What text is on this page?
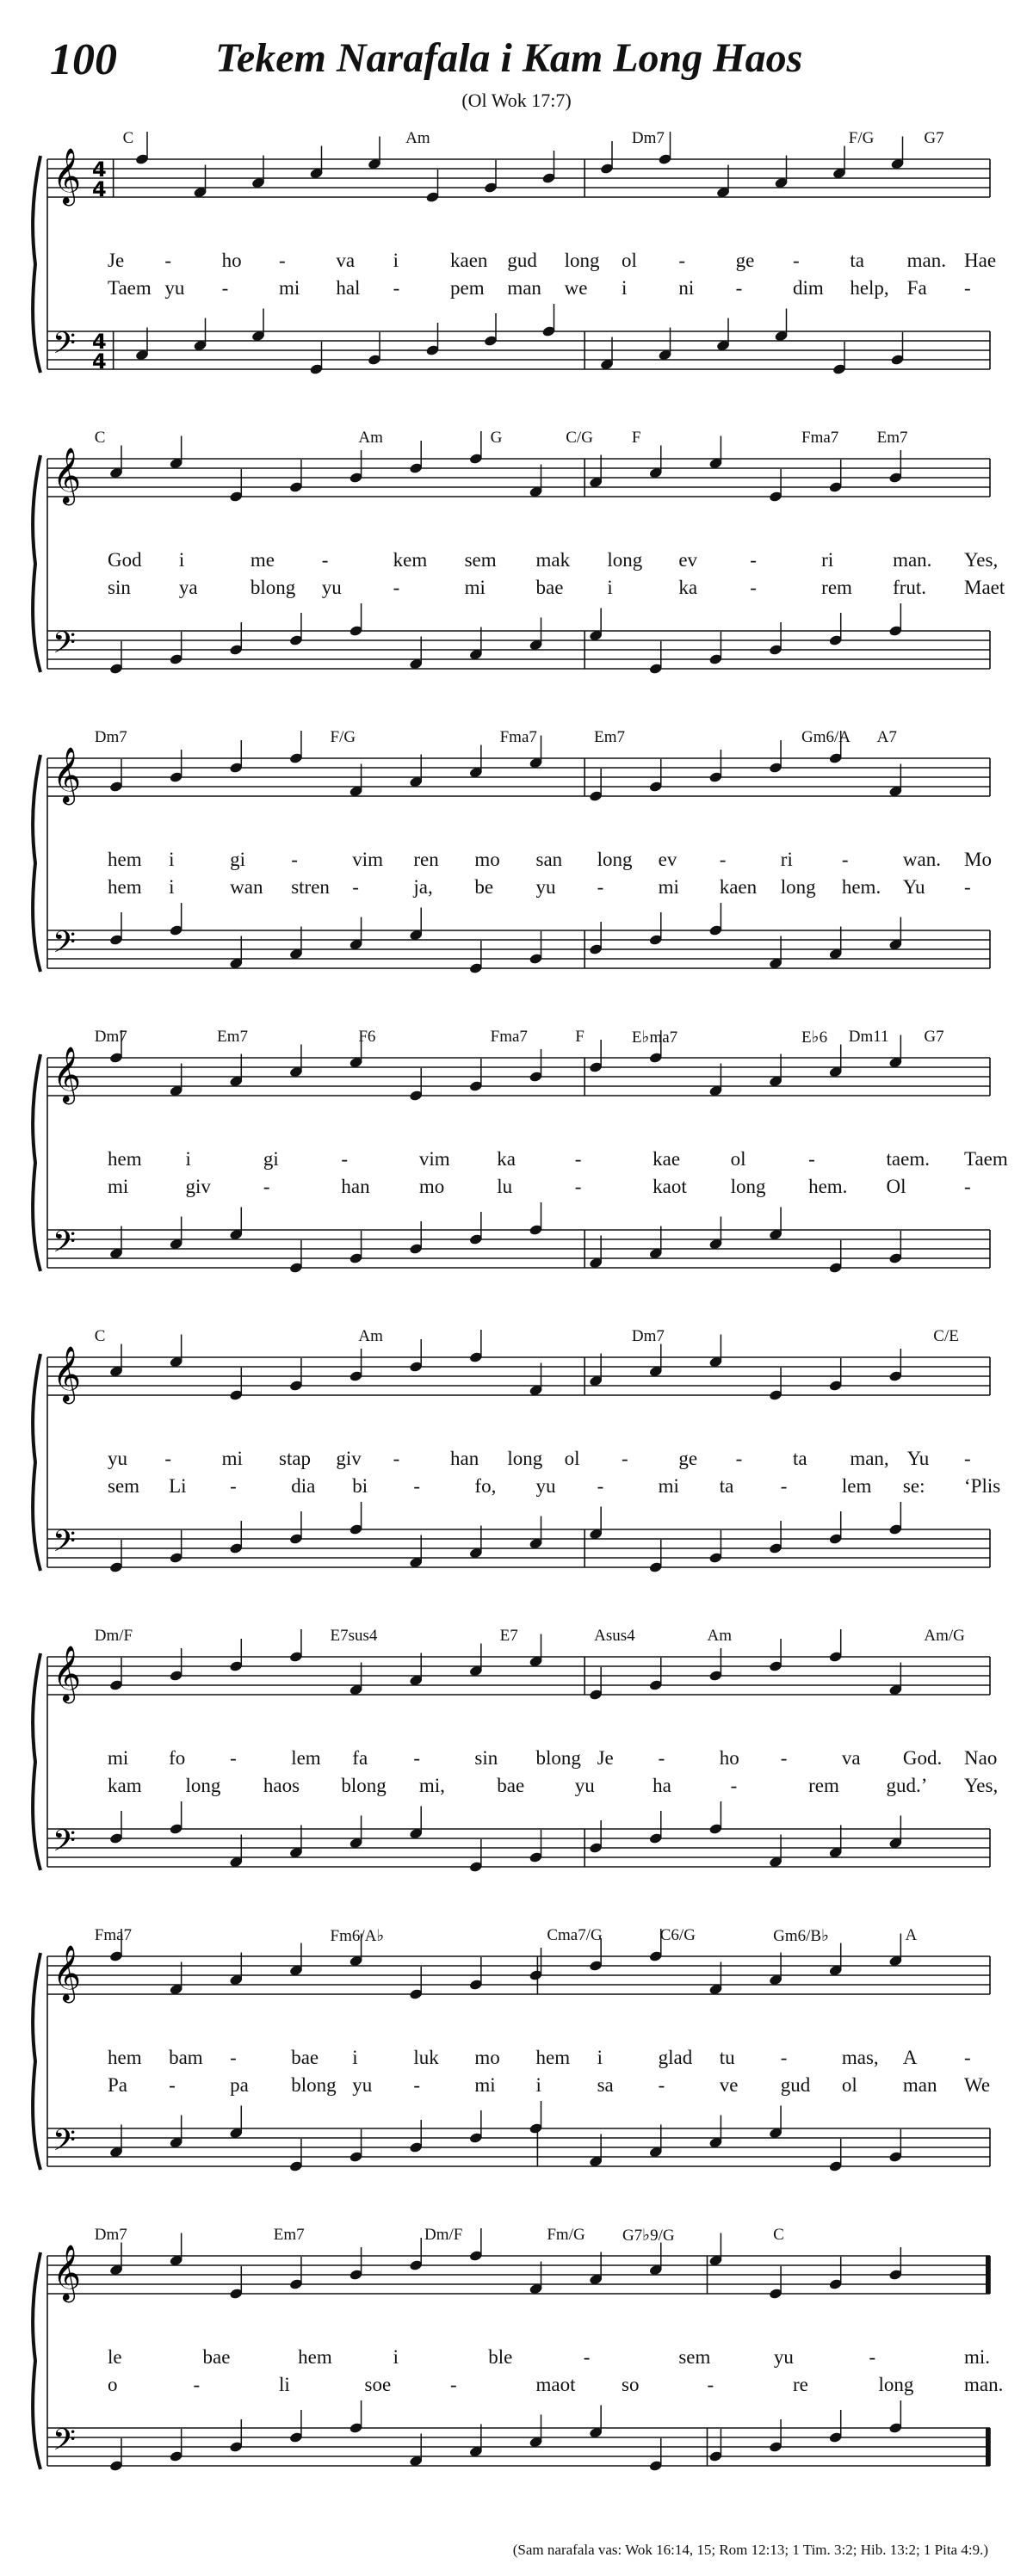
100 Tekem Narafala i Kam Long Haos
(Ol Wok 17:7)
𝄞 4
4
𝄢 4
4
C	Am	Dm7	F/G	G7
Je -	ho -	va i	kaen gud long ol -	ge -	ta man. Hae
Taem yu -	mi hal -	pem man we i	ni -	dim help, Fa -
𝄞
𝄢
C	Am	G	C/G F	Fma7 Em7
God i	me -	kem sem mak long ev	-	ri	man. Yes,
sin ya	blong yu	-	mi	bae i	ka	-	rem frut. Maet
𝄞
𝄢
Dm7	F/G	Fma7	Em7	Gm6/A A7
hem i	gi -	vim ren mo san long ev -	ri -	wan. Mo
hem i	wan stren -	ja, be yu -	mi kaen long hem. Yu -
𝄞
𝄢
Dm7	Em7	F6	Fma7	F	E♭ma7	E♭6 Dm11 G7
hem i	gi	-	vim ka	-	kae	ol	-	taem. Taem
mi	giv	-	han mo	lu	-	kaot long hem. Ol	-
𝄞
𝄢
C	Am	Dm7	C/E
yu -	mi stap giv -	han long ol -	ge -	ta man, Yu -
sem Li -	dia bi -	fo, yu -	mi ta -	lem se: ‘Plis
𝄞
𝄢
Dm/F	E7sus4	E7	Asus4	Am	Am/G
mi fo -	lem fa -	sin blong Je -	ho -	va God. Nao
kam long haos blong mi,	bae	yu	ha	-	rem gud.’ Yes,
𝄞
𝄢
Fma7	Fm6/A♭	Cma7/G	C6/G	Gm6/B♭	A
hem bam -	bae i	luk mo hem i	glad tu -	mas, A -
Pa -	pa blong yu -	mi i	sa -	ve gud ol man We
𝄞
𝄢
Dm7	Em7	Dm/F	Fm/G G7♭9/G	C
le	bae	hem	i	ble	-	sem	yu	-	mi.
o	-	li	soe	-	maot so	-	re	long	man.
(Sam narafala vas: Wok 16:14, 15; Rom 12:13; 1 Tim. 3:2; Hib. 13:2; 1 Pita 4:9.)
